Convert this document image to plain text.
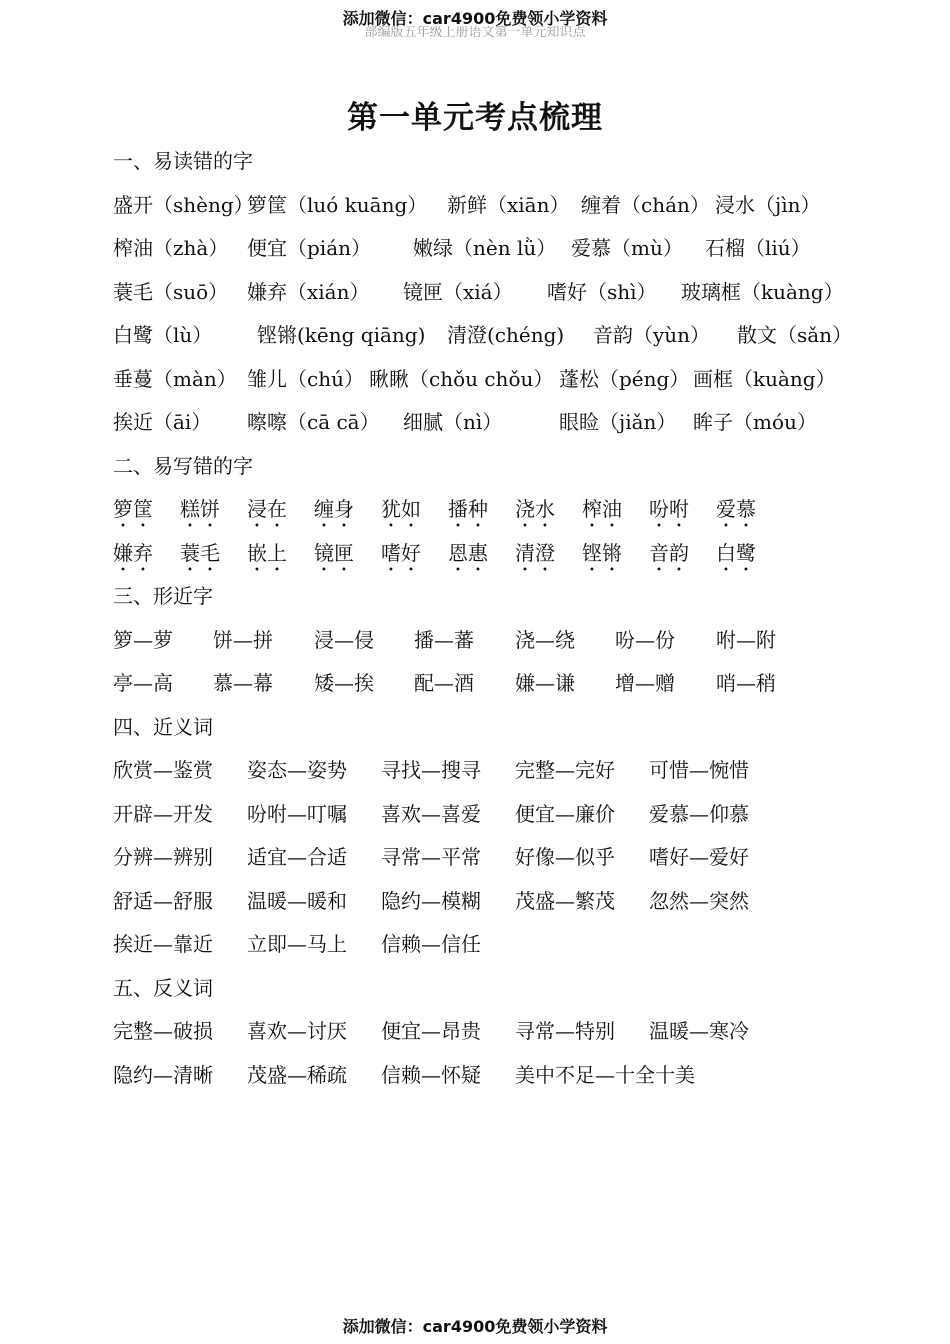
添加微信：car4900免费领小学资料
部编版五年级上册语文第一单元知识点
第一单元考点梳理
一、易读错的字
盛开（shèng）
箩筐（luó kuāng） 新鲜（xiān） 缠着（chán） 浸水（jìn）
榨油（zhà） 便宜（pián） 嫩绿（nèn lǜ） 爱慕（mù） 石榴（liú）
蓑毛（suō） 嫌弃（xián） 镜匣（xiá） 嗜好（shì） 玻璃框（kuàng）
白鹭（lù） 铿锵(kēng qiāng) 清澄(chéng) 音韵（yùn） 散文（sǎn）
垂蔓（màn） 雏儿（chú） 瞅瞅（chǒu chǒu） 蓬松（péng） 画框（kuàng）
挨近（āi） 嚓嚓（cā cā） 细腻（nì）	眼睑（jiǎn） 眸子（móu）
二、易写错的字
箩筐 糕饼 浸在 缠身 犹如 播种 浇水 榨油 吩咐 爱慕
嫌弃 蓑毛 嵌上 镜匣 嗜好 恩惠 清澄 铿锵 音韵 白鹭
三、形近字
箩—萝 饼—拼 浸—侵 播—蕃 浇—绕 吩—份 咐—附
亭—高 慕—幕 矮—挨 配—酒 嫌—谦 增—赠 哨—稍
四、近义词
欣赏—鉴赏 姿态—姿势 寻找—搜寻 完整—完好 可惜—惋惜
开辟—开发 吩咐—叮嘱 喜欢—喜爱 便宜—廉价 爱慕—仰慕
分辨—辨别 适宜—合适 寻常—平常 好像—似乎 嗜好—爱好
舒适—舒服 温暖—暖和 隐约—模糊 茂盛—繁茂 忽然—突然
挨近—靠近 立即—马上 信赖—信任
五、反义词
完整—破损 喜欢—讨厌 便宜—昂贵 寻常—特别 温暖—寒冷
隐约—清晰 茂盛—稀疏 信赖—怀疑 美中不足—十全十美
添加微信：car4900免费领小学资料
